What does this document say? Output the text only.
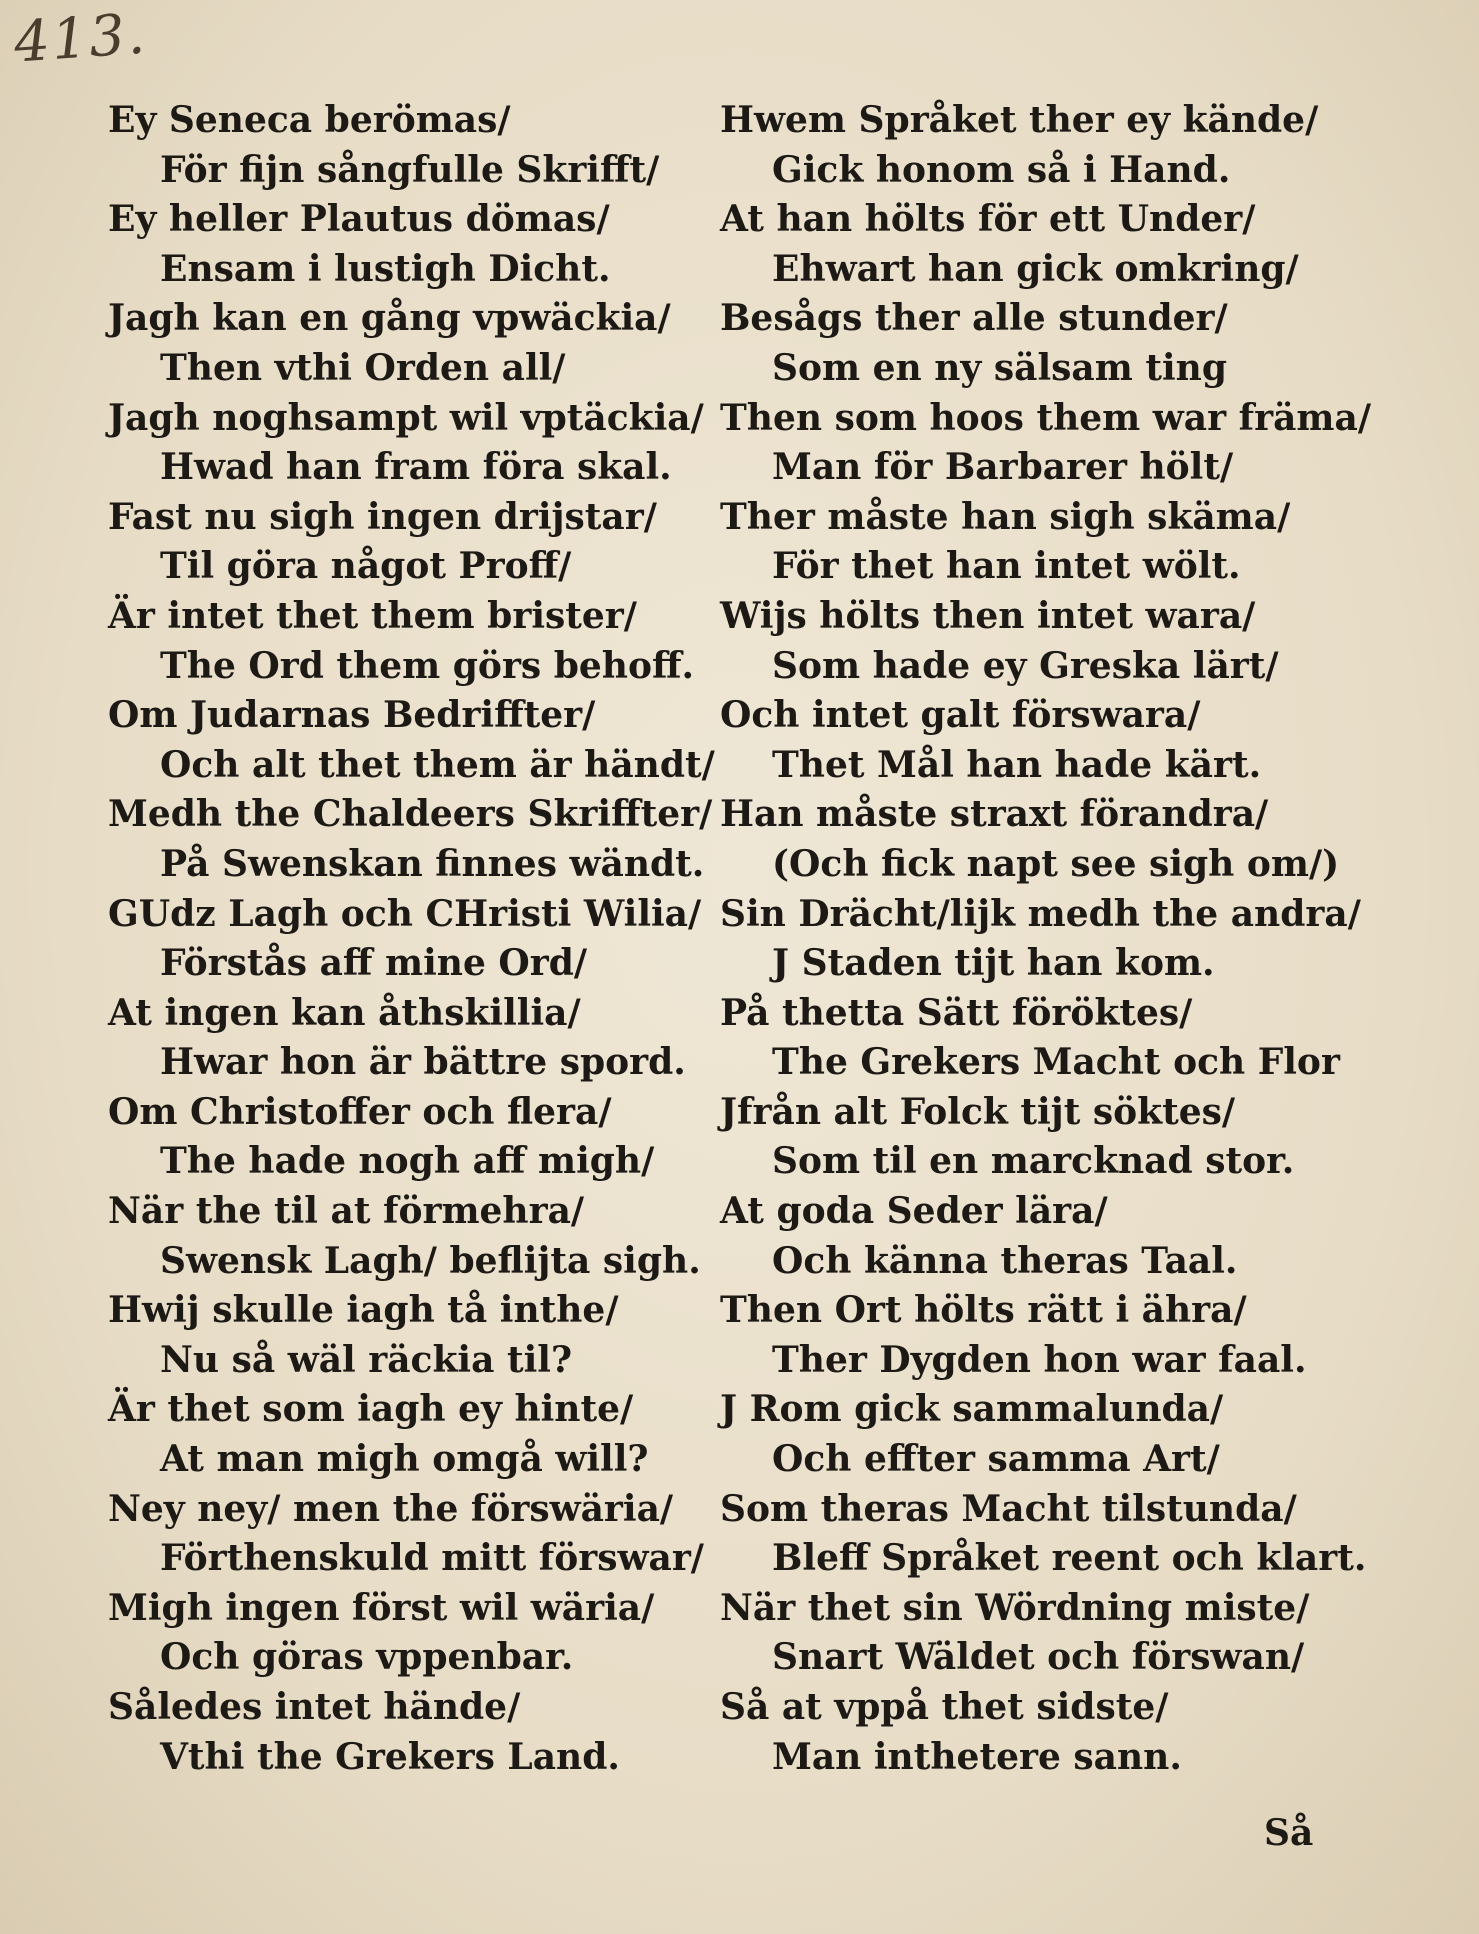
413.
Ey Seneca berömas/
För fijn sångfulle Skrifft/
Ey heller Plautus dömas/
Ensam i lustigh Dicht.
Jagh kan en gång vpwäckia/
Then vthi Orden all/
Jagh noghsampt wil vptäckia/
Hwad han fram föra skal.
Fast nu sigh ingen drijstar/
Til göra något Proff/
Är intet thet them brister/
The Ord them görs behoff.
Om Judarnas Bedriffter/
Och alt thet them är händt/
Medh the Chaldeers Skriffter/
På Swenskan finnes wändt.
GUdz Lagh och CHristi Wilia/
Förstås aff mine Ord/
At ingen kan åthskillia/
Hwar hon är bättre spord.
Om Christoffer och flera/
The hade nogh aff migh/
När the til at förmehra/
Swensk Lagh/ beflijta sigh.
Hwij skulle iagh tå inthe/
Nu så wäl räckia til?
Är thet som iagh ey hinte/
At man migh omgå will?
Ney ney/ men the förswäria/
Förthenskuld mitt förswar/
Migh ingen först wil wäria/
Och göras vppenbar.
Således intet hände/
Vthi the Grekers Land.
Hwem Språket ther ey kände/
Gick honom så i Hand.
At han hölts för ett Under/
Ehwart han gick omkring/
Besågs ther alle stunder/
Som en ny sälsam ting
Then som hoos them war främa/
Man för Barbarer hölt/
Ther måste han sigh skäma/
För thet han intet wölt.
Wijs hölts then intet wara/
Som hade ey Greska lärt/
Och intet galt förswara/
Thet Mål han hade kärt.
Han måste straxt förandra/
(Och fick napt see sigh om/)
Sin Drächt/lijk medh the andra/
J Staden tijt han kom.
På thetta Sätt föröktes/
The Grekers Macht och Flor
Jfrån alt Folck tijt söktes/
Som til en marcknad stor.
At goda Seder lära/
Och känna theras Taal.
Then Ort hölts rätt i ähra/
Ther Dygden hon war faal.
J Rom gick sammalunda/
Och effter samma Art/
Som theras Macht tilstunda/
Bleff Språket reent och klart.
När thet sin Wördning miste/
Snart Wäldet och förswan/
Så at vppå thet sidste/
Man inthetere sann.
Så
